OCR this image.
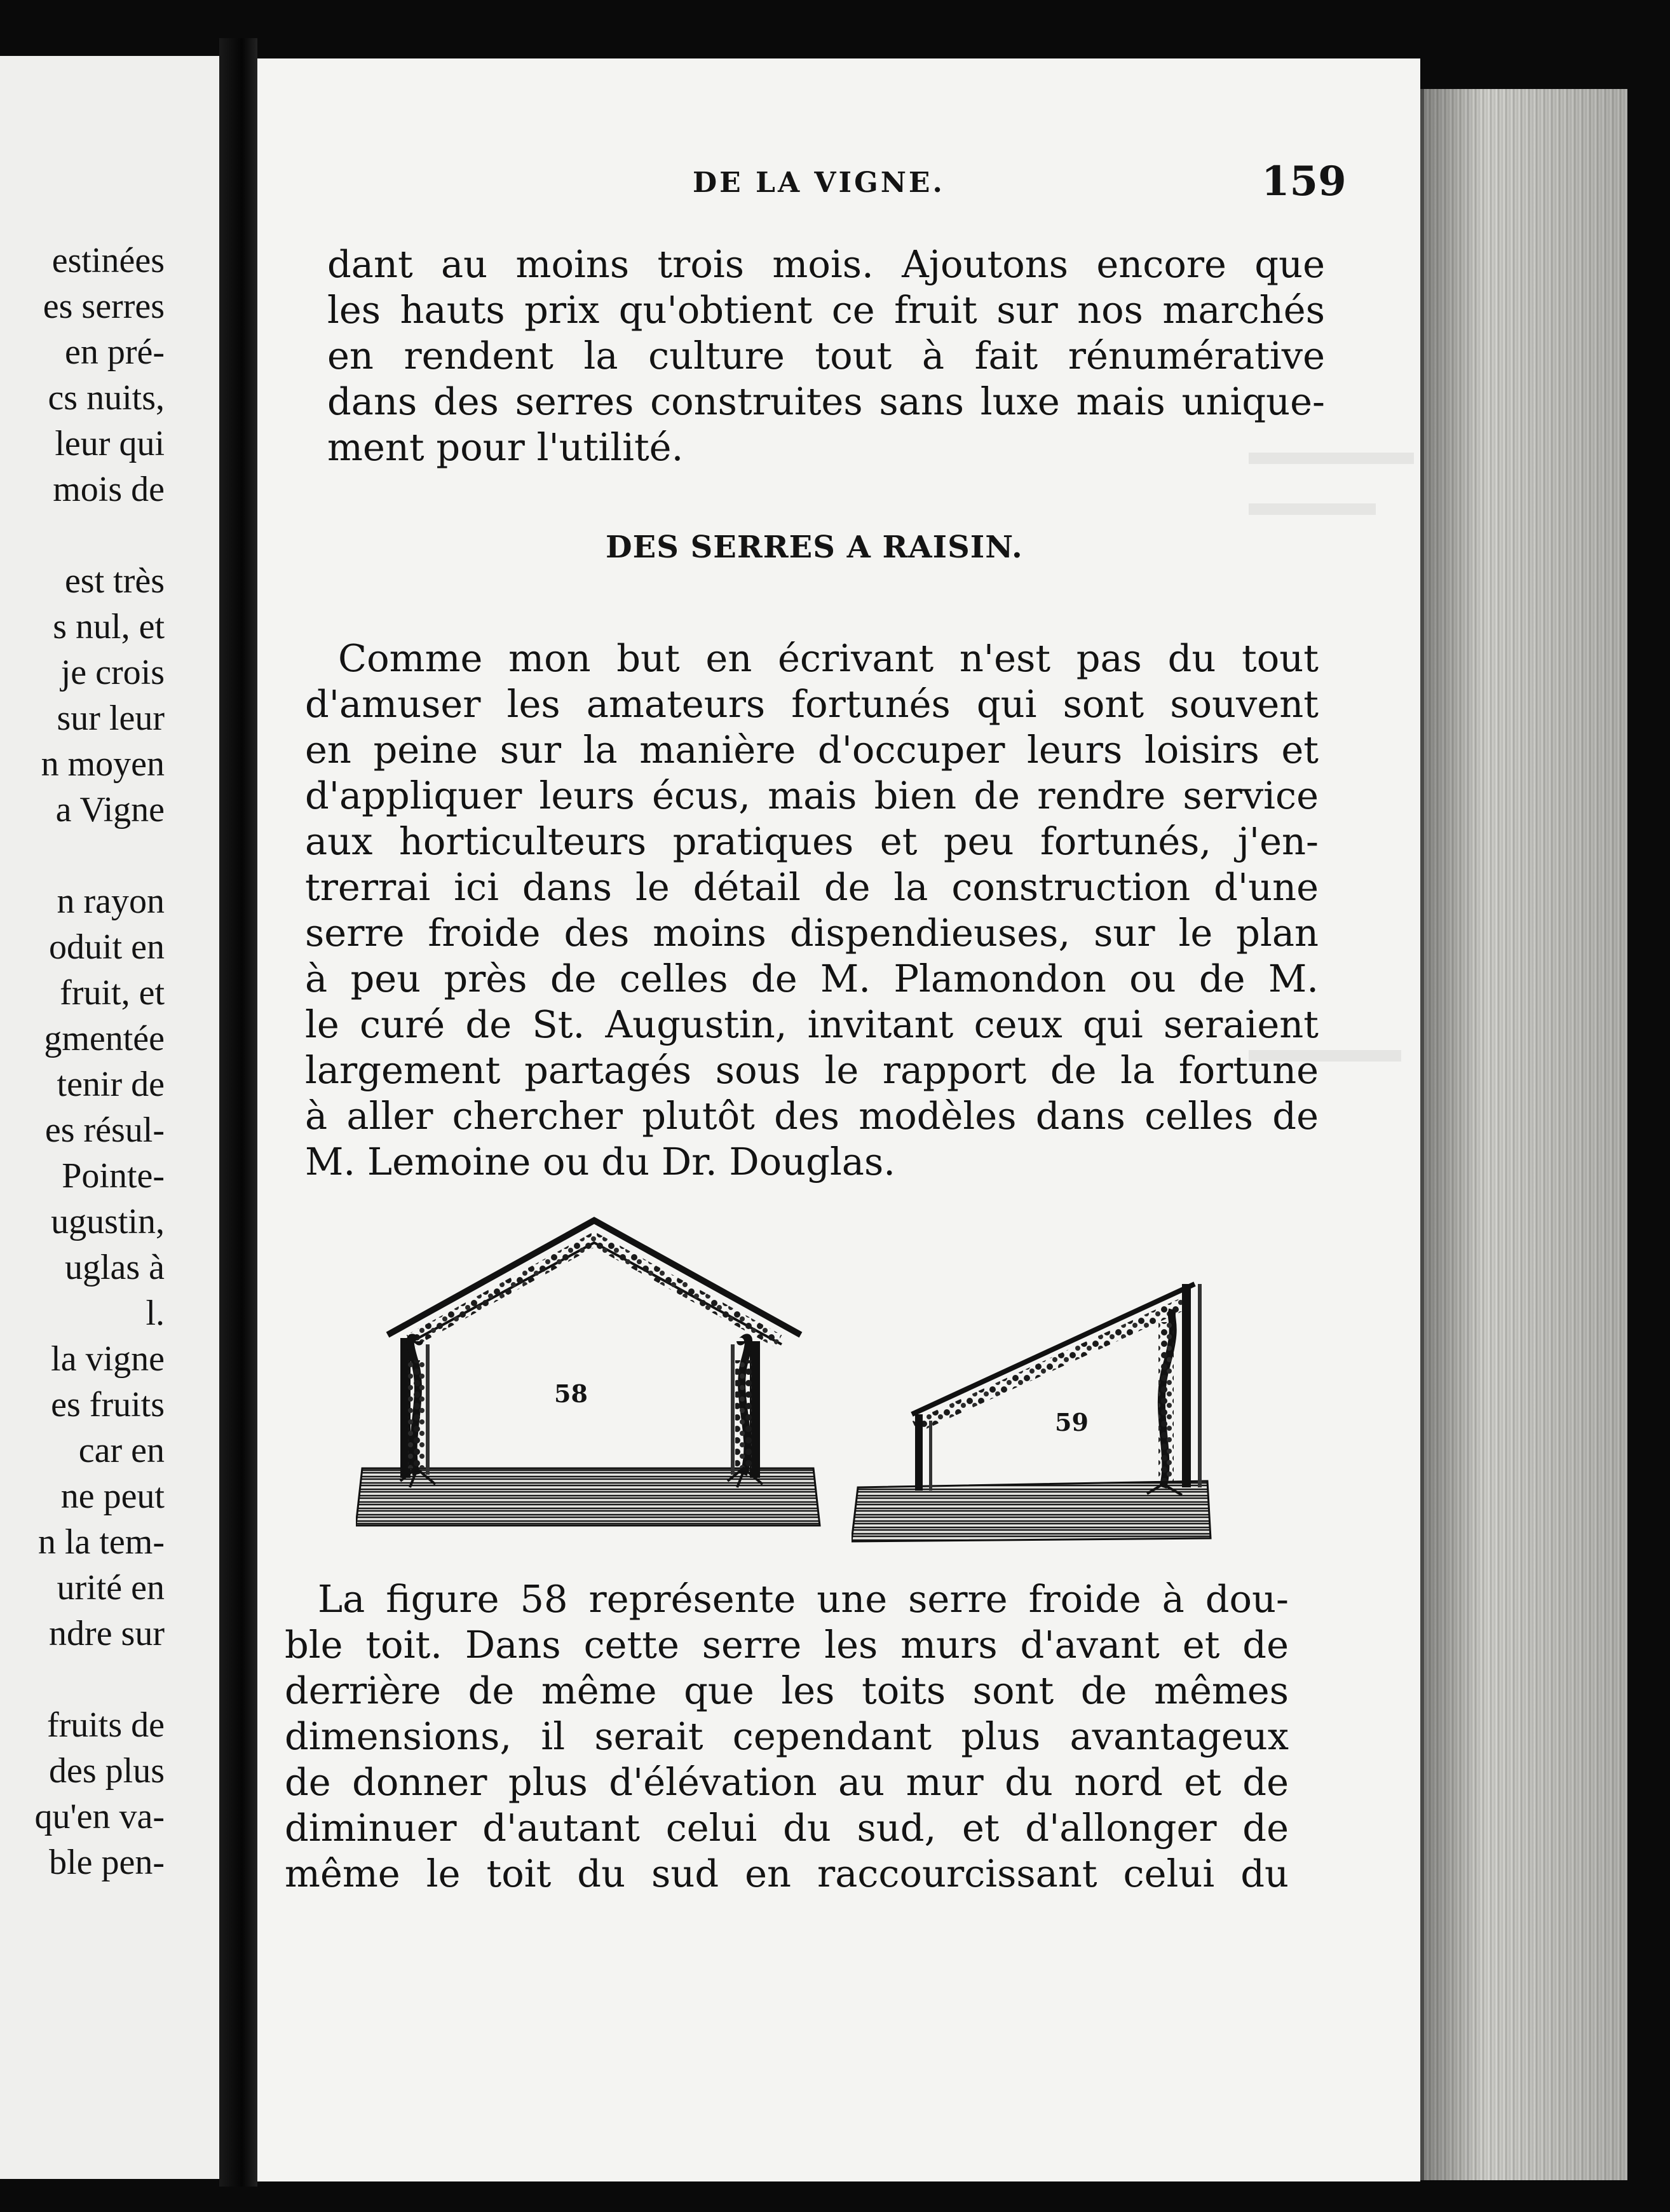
estinées
es serres
en pré-
cs nuits,
leur qui
mois de
est très
s nul, et
je crois
sur leur
n moyen
a Vigne
n rayon
oduit en
fruit, et
gmentée
tenir de
es résul-
Pointe-
ugustin,
uglas à
l.
la vigne
es fruits
car en
ne peut
n la tem-
urité en
ndre sur
fruits de
des plus
qu'en va-
ble pen-
DE LA VIGNE.	159
dant au moins trois mois. Ajoutons encore que
les hauts prix qu'obtient ce fruit sur nos marchés
en rendent la culture tout à fait rénumérative
dans des serres construites sans luxe mais unique-
ment pour l'utilité.
DES SERRES A RAISIN.
Comme mon but en écrivant n'est pas du tout
d'amuser les amateurs fortunés qui sont souvent
en peine sur la manière d'occuper leurs loisirs et
d'appliquer leurs écus, mais bien de rendre service
aux horticulteurs pratiques et peu fortunés, j'en-
trerrai ici dans le détail de la construction d'une
serre froide des moins dispendieuses, sur le plan
à peu près de celles de M. Plamondon ou de M.
le curé de St. Augustin, invitant ceux qui seraient
largement partagés sous le rapport de la fortune
à aller chercher plutôt des modèles dans celles de
M. Lemoine ou du Dr. Douglas.
58
59
La figure 58 représente une serre froide à dou-
ble toit. Dans cette serre les murs d'avant et de
derrière de même que les toits sont de mêmes
dimensions, il serait cependant plus avantageux
de donner plus d'élévation au mur du nord et de
diminuer d'autant celui du sud, et d'allonger de
même le toit du sud en raccourcissant celui du
